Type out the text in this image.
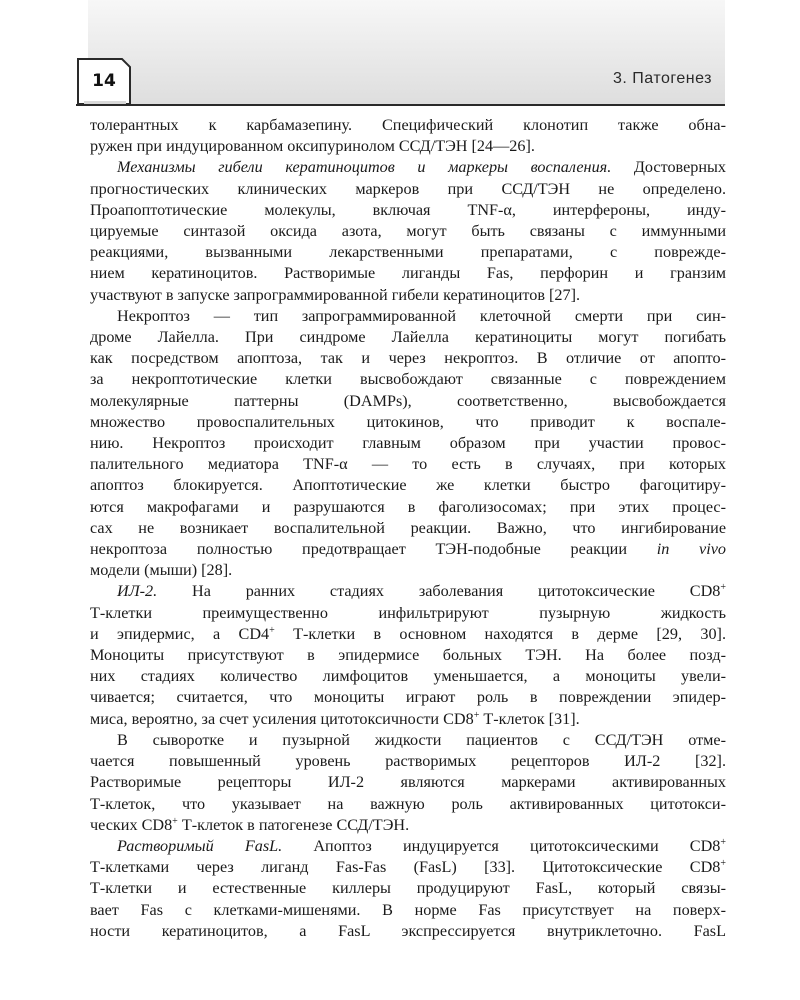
14	3. Патогенез

толерантных к карбамазепину. Специфический клонотип также обна-

ружен при индуцированном оксипуринолом ССД/ТЭН [24—26].

Механизмы гибели кератиноцитов и маркеры воспаления. Достоверных

прогностических клинических маркеров при ССД/ТЭН не определено.

Проапоптотические молекулы, включая TNF-α, интерфероны, инду-

цируемые синтазой оксида азота, могут быть связаны с иммунными

реакциями, вызванными лекарственными препаратами, с поврежде-

нием кератиноцитов. Растворимые лиганды Fas, перфорин и гранзим

участвуют в запуске запрограммированной гибели кератиноцитов [27].

Некроптоз — тип запрограммированной клеточной смерти при син-

дроме Лайелла. При синдроме Лайелла кератиноциты могут погибать

как посредством апоптоза, так и через некроптоз. В отличие от апопто-

за некроптотические клетки высвобождают связанные с повреждением

молекулярные паттерны (DAMPs), соответственно, высвобождается

множество провоспалительных цитокинов, что приводит к воспале-

нию. Некроптоз происходит главным образом при участии провос-

палительного медиатора TNF-α — то есть в случаях, при которых

апоптоз блокируется. Апоптотические же клетки быстро фагоцитиру-

ются макрофагами и разрушаются в фаголизосомах; при этих процес-

сах не возникает воспалительной реакции. Важно, что ингибирование

некроптоза полностью предотвращает ТЭН-подобные реакции in vivo

модели (мыши) [28].

ИЛ-2. На ранних стадиях заболевания цитотоксические CD8+

Т-клетки преимущественно инфильтрируют пузырную жидкость

и эпидермис, а CD4+ Т-клетки в основном находятся в дерме [29, 30].

Моноциты присутствуют в эпидермисе больных ТЭН. На более позд-

них стадиях количество лимфоцитов уменьшается, а моноциты увели-

чивается; считается, что моноциты играют роль в повреждении эпидер-

миса, вероятно, за счет усиления цитотоксичности CD8+ Т-клеток [31].

В сыворотке и пузырной жидкости пациентов с ССД/ТЭН отме-

чается повышенный уровень растворимых рецепторов ИЛ-2 [32].

Растворимые рецепторы ИЛ-2 являются маркерами активированных

Т-клеток, что указывает на важную роль активированных цитотокси-

ческих CD8+ Т-клеток в патогенезе ССД/ТЭН.

Растворимый FasL. Апоптоз индуцируется цитотоксическими CD8+

Т-клетками через лиганд Fas-Fas (FasL) [33]. Цитотоксические CD8+

Т-клетки и естественные киллеры продуцируют FasL, который связы-

вает Fas с клетками-мишенями. В норме Fas присутствует на поверх-

ности кератиноцитов, а FasL экспрессируется внутриклеточно. FasL
